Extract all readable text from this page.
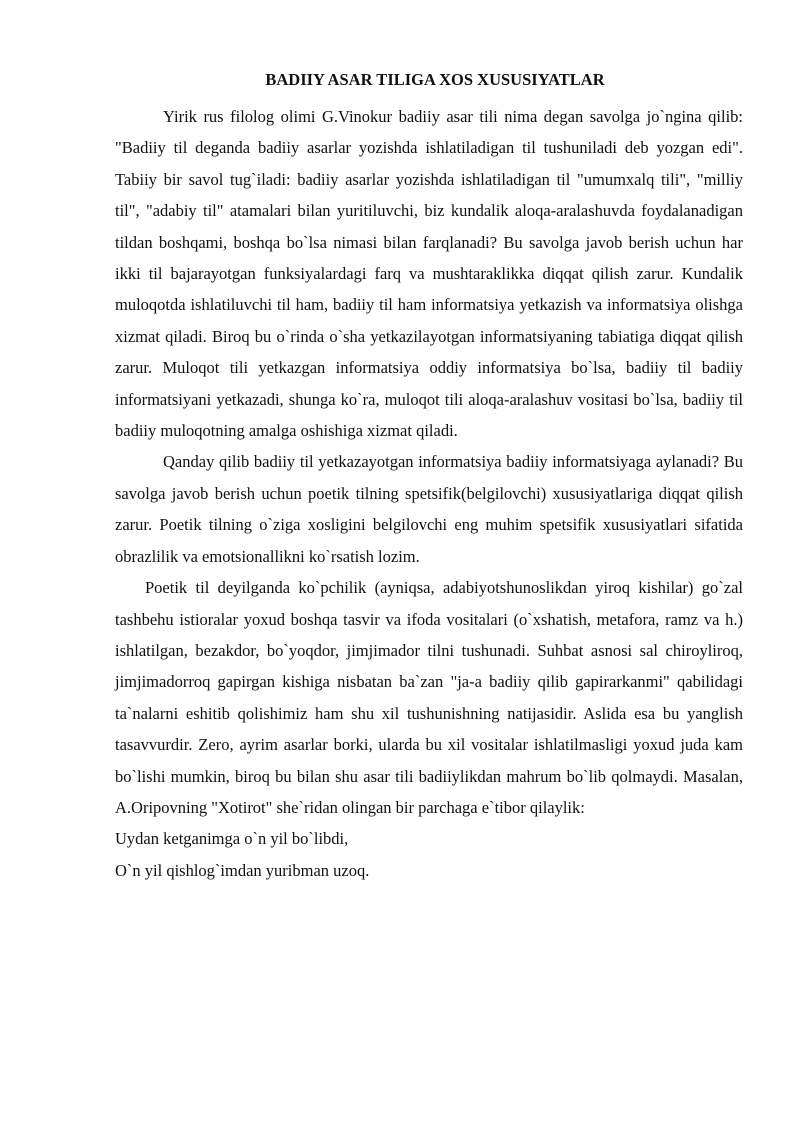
BADIIY ASAR TILIGA XOS XUSUSIYATLAR

Yirik rus filolog olimi G.Vinokur badiiy asar tili nima degan savolga jo`ngina qilib: "Badiiy til deganda badiiy asarlar yozishda ishlatiladigan til tushuniladi deb yozgan edi". Tabiiy bir savol tug`iladi: badiiy asarlar yozishda ishlatiladigan til "umumxalq tili", "milliy til", "adabiy til" atamalari bilan yuritiluvchi, biz kundalik aloqa-aralashuvda foydalanadigan tildan boshqami, boshqa bo`lsa nimasi bilan farqlanadi? Bu savolga javob berish uchun har ikki til bajarayotgan funksiyalardagi farq va mushtaraklikka diqqat qilish zarur. Kundalik muloqotda ishlatiluvchi til ham, badiiy til ham informatsiya yetkazish va informatsiya olishga xizmat qiladi. Biroq bu o`rinda o`sha yetkazilayotgan informatsiyaning tabiatiga diqqat qilish zarur. Muloqot tili yetkazgan informatsiya oddiy informatsiya bo`lsa, badiiy til badiiy informatsiyani yetkazadi, shunga ko`ra, muloqot tili aloqa-aralashuv vositasi bo`lsa, badiiy til badiiy muloqotning amalga oshishiga xizmat qiladi.

Qanday qilib badiiy til yetkazayotgan informatsiya badiiy informatsiyaga aylanadi? Bu savolga javob berish uchun poetik tilning spetsifik(belgilovchi) xususiyatlariga diqqat qilish zarur. Poetik tilning o`ziga xosligini belgilovchi eng muhim spetsifik xususiyatlari sifatida obrazlilik va emotsionallikni ko`rsatish lozim.

Poetik til deyilganda ko`pchilik (ayniqsa, adabiyotshunoslikdan yiroq kishilar) go`zal tashbehu istioralar yoxud boshqa tasvir va ifoda vositalari (o`xshatish, metafora, ramz va h.) ishlatilgan, bezakdor, bo`yoqdor, jimjimador tilni tushunadi. Suhbat asnosi sal chiroyliroq, jimjimadorroq gapirgan kishiga nisbatan ba`zan "ja-a badiiy qilib gapirarkanmi" qabilidagi ta`nalarni eshitib qolishimiz ham shu xil tushunishning natijasidir. Aslida esa bu yanglish tasavvurdir. Zero, ayrim asarlar borki, ularda bu xil vositalar ishlatilmasligi yoxud juda kam bo`lishi mumkin, biroq bu bilan shu asar tili badiiylikdan mahrum bo`lib qolmaydi. Masalan, A.Oripovning "Xotirot" she`ridan olingan bir parchaga e`tibor qilaylik:

Uydan ketganimga o`n yil bo`libdi,
O`n yil qishlog`imdan yuribman uzoq.
